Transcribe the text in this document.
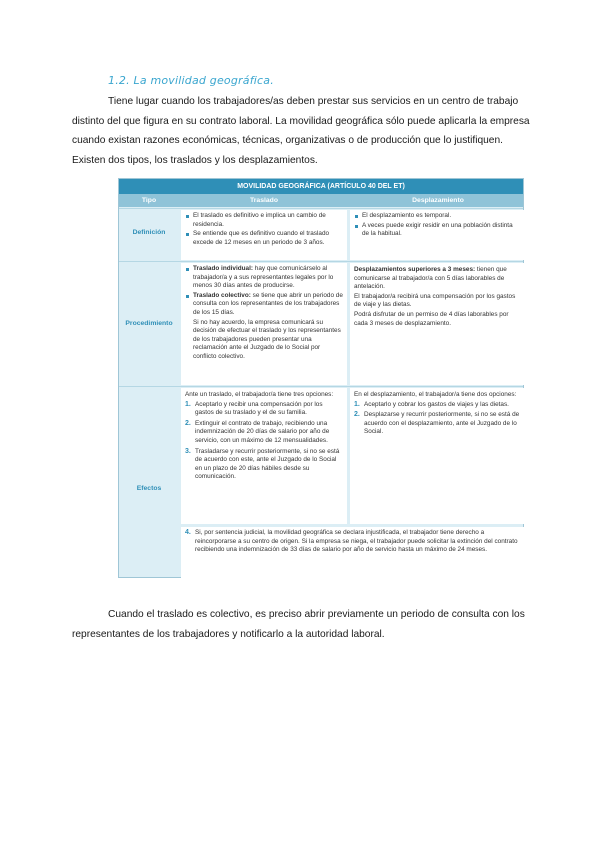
1.2. La movilidad geográfica.

Tiene lugar cuando los trabajadores/as deben prestar sus servicios en un centro de trabajo distinto del que figura en su contrato laboral. La movilidad geográfica sólo puede aplicarla la empresa cuando existan razones económicas, técnicas, organizativas o de producción que lo justifiquen. Existen dos tipos, los traslados y los desplazamientos.

MOVILIDAD GEOGRÁFICA (ARTÍCULO 40 DEL ET)
Tipo	Traslado	Desplazamiento
Definición
El traslado es definitivo e implica un cambio de residencia.
Se entiende que es definitivo cuando el traslado excede de 12 meses en un periodo de 3 años.
El desplazamiento es temporal.
A veces puede exigir residir en una población distinta de la habitual.
Procedimiento
Traslado individual: hay que comunicárselo al trabajador/a y a sus representantes legales por lo menos 30 días antes de producirse.
Traslado colectivo: se tiene que abrir un periodo de consulta con los representantes de los trabajadores de los 15 días.

Si no hay acuerdo, la empresa comunicará su decisión de efectuar el traslado y los representantes de los trabajadores pueden presentar una reclamación ante el Juzgado de lo Social por conflicto colectivo.

Desplazamientos superiores a 3 meses: tienen que comunicarse al trabajador/a con 5 días laborables de antelación.

El trabajador/a recibirá una compensación por los gastos de viaje y las dietas.

Podrá disfrutar de un permiso de 4 días laborables por cada 3 meses de desplazamiento.

Efectos

Ante un traslado, el trabajador/a tiene tres opciones:

1. Aceptarlo y recibir una compensación por los gastos de su traslado y el de su familia.
2. Extinguir el contrato de trabajo, recibiendo una indemnización de 20 días de salario por año de servicio, con un máximo de 12 mensualidades.
3. Trasladarse y recurrir posteriormente, si no se está de acuerdo con este, ante el Juzgado de lo Social en un plazo de 20 días hábiles desde su comunicación.

En el desplazamiento, el trabajador/a tiene dos opciones:

1. Aceptarlo y cobrar los gastos de viajes y las dietas.
2. Desplazarse y recurrir posteriormente, si no se está de acuerdo con el desplazamiento, ante el Juzgado de lo Social.
4. Si, por sentencia judicial, la movilidad geográfica se declara injustificada, el trabajador tiene derecho a reincorporarse a su centro de origen. Si la empresa se niega, el trabajador puede solicitar la extinción del contrato recibiendo una indemnización de 33 días de salario por año de servicio hasta un máximo de 24 meses.

Cuando el traslado es colectivo, es preciso abrir previamente un periodo de consulta con los representantes de los trabajadores y notificarlo a la autoridad laboral.
